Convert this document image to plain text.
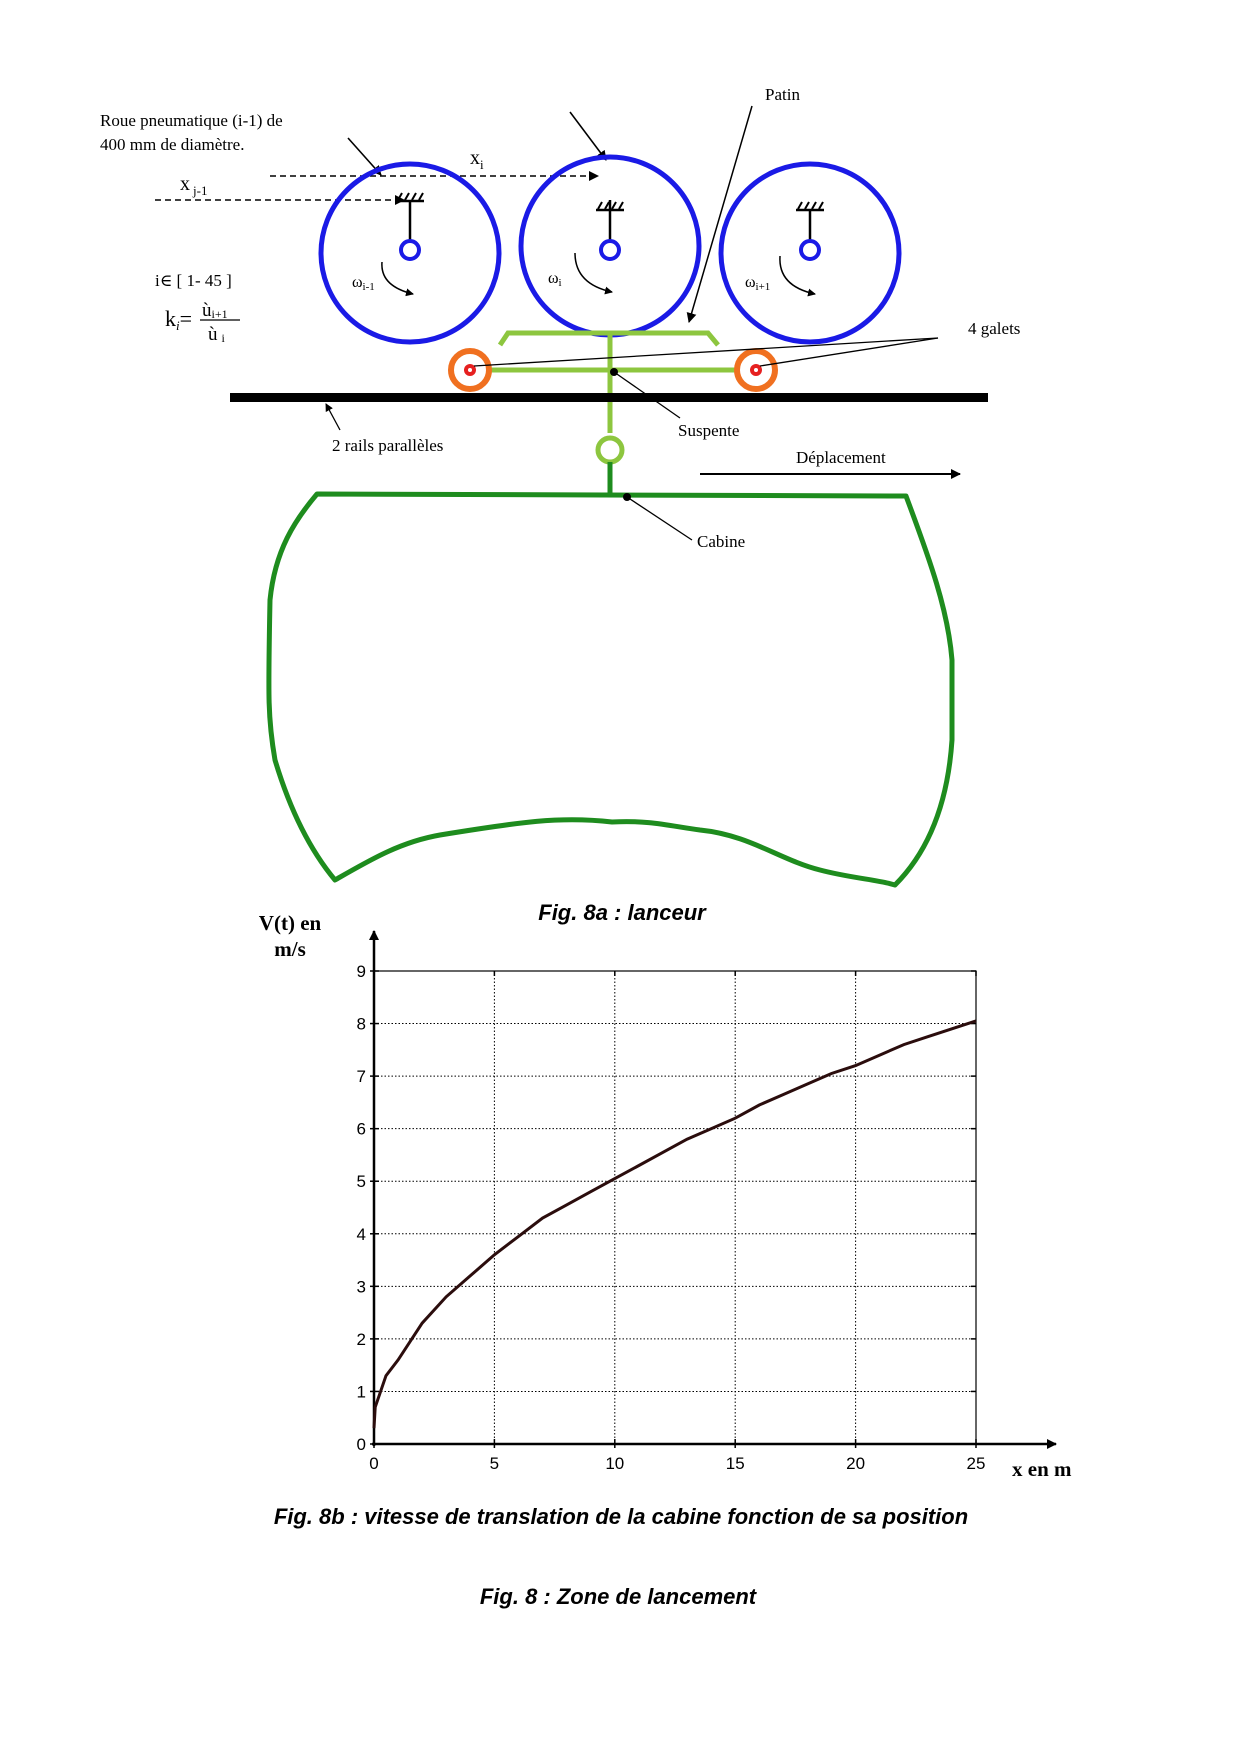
Roue pneumatique (i-1) de
400 mm de diamètre.
$x_i$
x $_{j-1}$
i∈ [ 1- 45 ]
ki= ùi+1
ùi
ωi-1	ωi	ωi+1
Patin
4 galets
2 rails parallèles
Suspente
Déplacement
Cabine
Fig. 8a : lanceur
V(t) en
m/s
0
1
2
3
4
5
6
7
8
9
0	5	10	15	20	25 x en m
Fig. 8b : vitesse de translation de la cabine fonction de sa position
Fig. 8 : Zone de lancement
